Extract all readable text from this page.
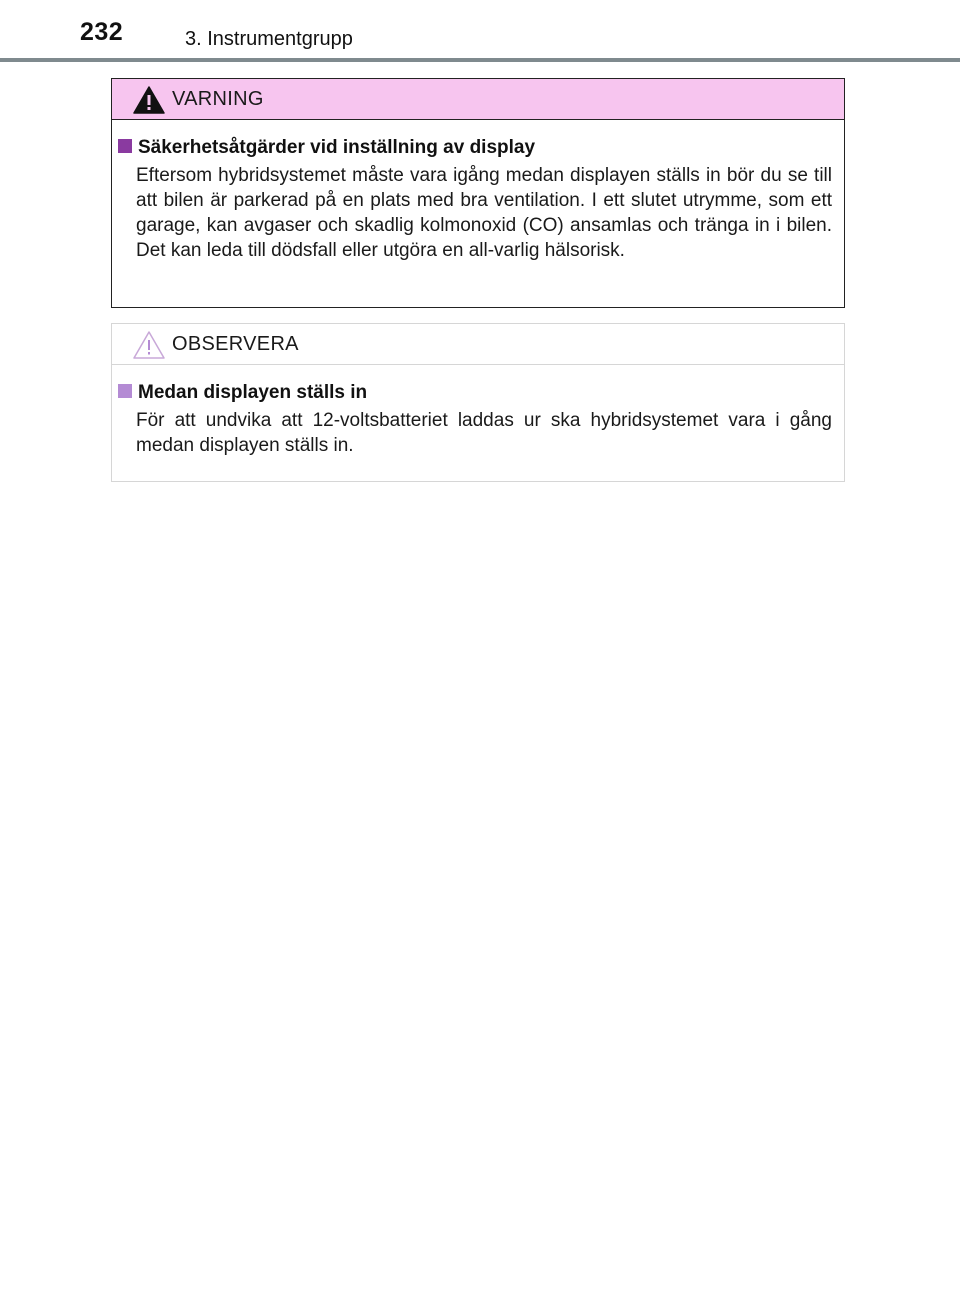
232	3. Instrumentgrupp
VARNING
Säkerhetsåtgärder vid inställning av display
Eftersom hybridsystemet måste vara igång medan displayen ställs in bör du se till att bilen är parkerad på en plats med bra ventilation. I ett slutet utrymme, som ett garage, kan avgaser och skadlig kolmonoxid (CO) ansamlas och tränga in i bilen. Det kan leda till dödsfall eller utgöra en all-varlig hälsorisk.
OBSERVERA
Medan displayen ställs in
För att undvika att 12-voltsbatteriet laddas ur ska hybridsystemet vara i gång medan displayen ställs in.
